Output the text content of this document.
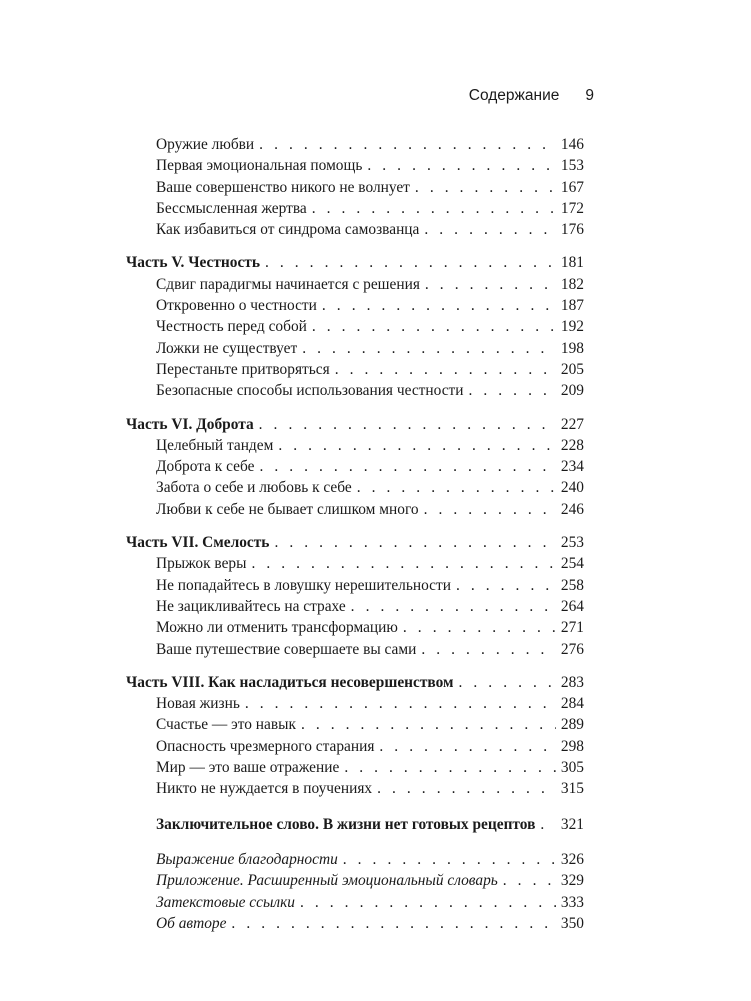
Содержание 9
Оружие любви . . .	146
Первая эмоциональная помощь . . .	153
Ваше совершенство никого не волнует . . .	167
Бессмысленная жертва . . .	172
Как избавиться от синдрома самозванца . . .	176
Часть V. Честность . . .	181
Сдвиг парадигмы начинается с решения . . .	182
Откровенно о честности . . .	187
Честность перед собой . . .	192
Ложки не существует . . .	198
Перестаньте притворяться . . .	205
Безопасные способы использования честности . . .	209
Часть VI. Доброта . . .	227
Целебный тандем . . .	228
Доброта к себе . . .	234
Забота о себе и любовь к себе . . .	240
Любви к себе не бывает слишком много . . .	246
Часть VII. Смелость . . .	253
Прыжок веры . . .	254
Не попадайтесь в ловушку нерешительности . . .	258
Не зацикливайтесь на страхе . . .	264
Можно ли отменить трансформацию . . .	271
Ваше путешествие совершаете вы сами . . .	276
Часть VIII. Как насладиться несовершенством . . .	283
Новая жизнь . . .	284
Счастье — это навык . . .	289
Опасность чрезмерного старания . . .	298
Мир — это ваше отражение . . .	305
Никто не нуждается в поучениях . . .	315
Заключительное слово. В жизни нет готовых рецептов . . .	321
Выражение благодарности . . .	326
Приложение. Расширенный эмоциональный словарь . . .	329
Затекстовые ссылки . . .	333
Об авторе . . .	350
